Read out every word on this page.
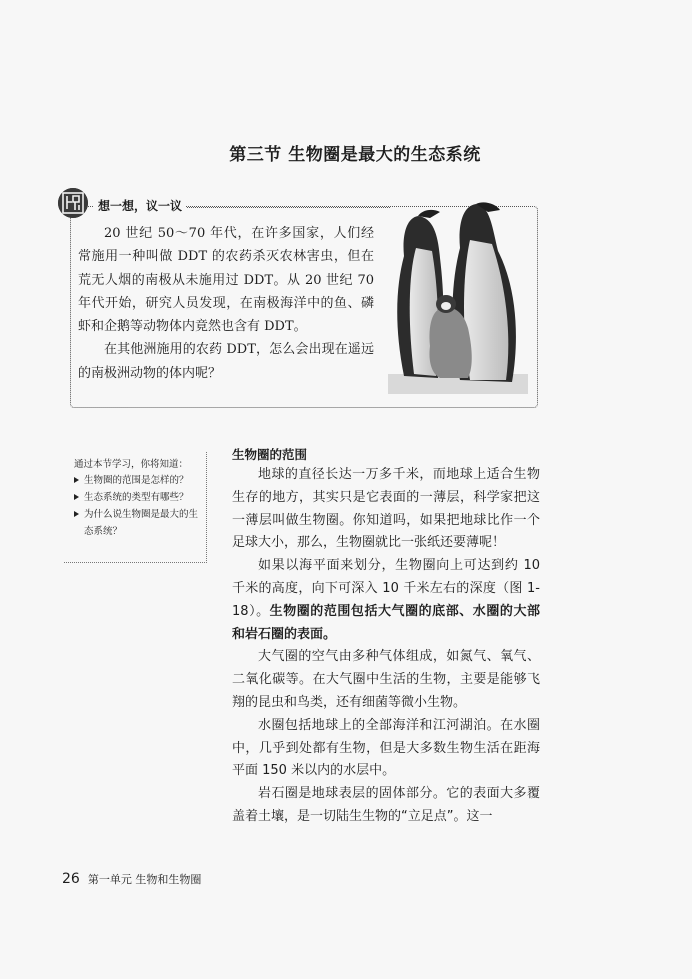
第三节 生物圈是最大的生态系统
想一想，议一议

20 世纪 50～70 年代，在许多国家，人们经常施用一种叫做 DDT 的农药杀灭农林害虫，但在荒无人烟的南极从未施用过 DDT。从 20 世纪 70 年代开始，研究人员发现，在南极海洋中的鱼、磷虾和企鹅等动物体内竟然也含有 DDT。

在其他洲施用的农药 DDT，怎么会出现在遥远的南极洲动物的体内呢？

通过本节学习，你将知道：
生物圈的范围是怎样的？
生态系统的类型有哪些？
为什么说生物圈是最大的生态系统？
生物圈的范围

地球的直径长达一万多千米，而地球上适合生物生存的地方，其实只是它表面的一薄层，科学家把这一薄层叫做生物圈。你知道吗，如果把地球比作一个足球大小，那么，生物圈就比一张纸还要薄呢！

如果以海平面来划分，生物圈向上可达到约 10 千米的高度，向下可深入 10 千米左右的深度（图 1-18）。生物圈的范围包括大气圈的底部、水圈的大部和岩石圈的表面。

大气圈的空气由多种气体组成，如氮气、氧气、二氧化碳等。在大气圈中生活的生物，主要是能够飞翔的昆虫和鸟类，还有细菌等微小生物。

水圈包括地球上的全部海洋和江河湖泊。在水圈中，几乎到处都有生物，但是大多数生物生活在距海平面 150 米以内的水层中。

岩石圈是地球表层的固体部分。它的表面大多覆盖着土壤，是一切陆生生物的“立足点”。这一

26 第一单元 生物和生物圈
